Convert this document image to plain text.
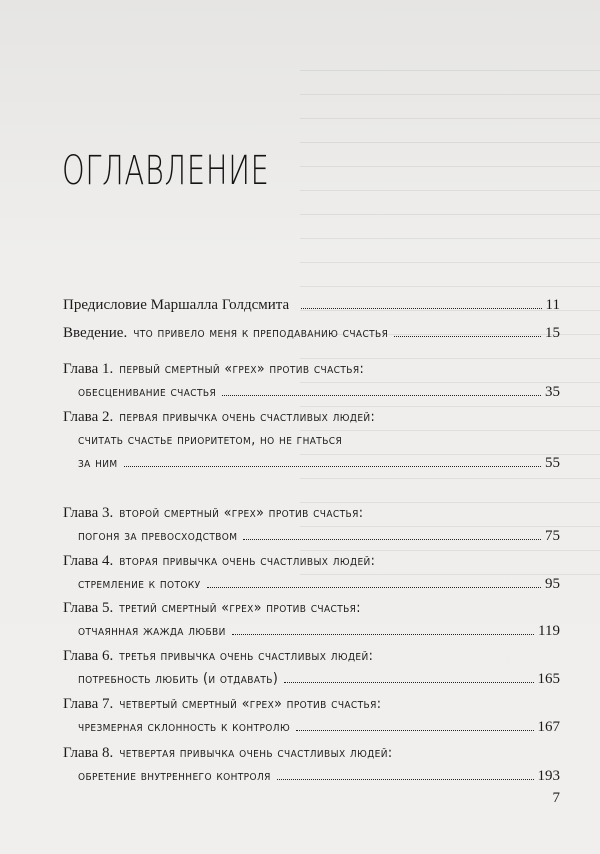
ОГЛАВЛЕНИЕ
Предисловие Маршалла Голдсмита	11
Введение. что привело меня к преподаванию счастья	15
Глава 1. первый смертный «грех» против счастья:
обесценивание счастья	35
Глава 2. первая привычка очень счастливых людей:
считать счастье приоритетом, но не гнаться
за ним	55
Глава 3. второй смертный «грех» против счастья:
погоня за превосходством	75
Глава 4. вторая привычка очень счастливых людей:
стремление к потоку	95
Глава 5. третий смертный «грех» против счастья:
отчаянная жажда любви	119
Глава 6. третья привычка очень счастливых людей:
потребность любить (и отдавать)	165
Глава 7. четвертый смертный «грех» против счастья:
чрезмерная склонность к контролю	167
Глава 8. четвертая привычка очень счастливых людей:
обретение внутреннего контроля	193
7
